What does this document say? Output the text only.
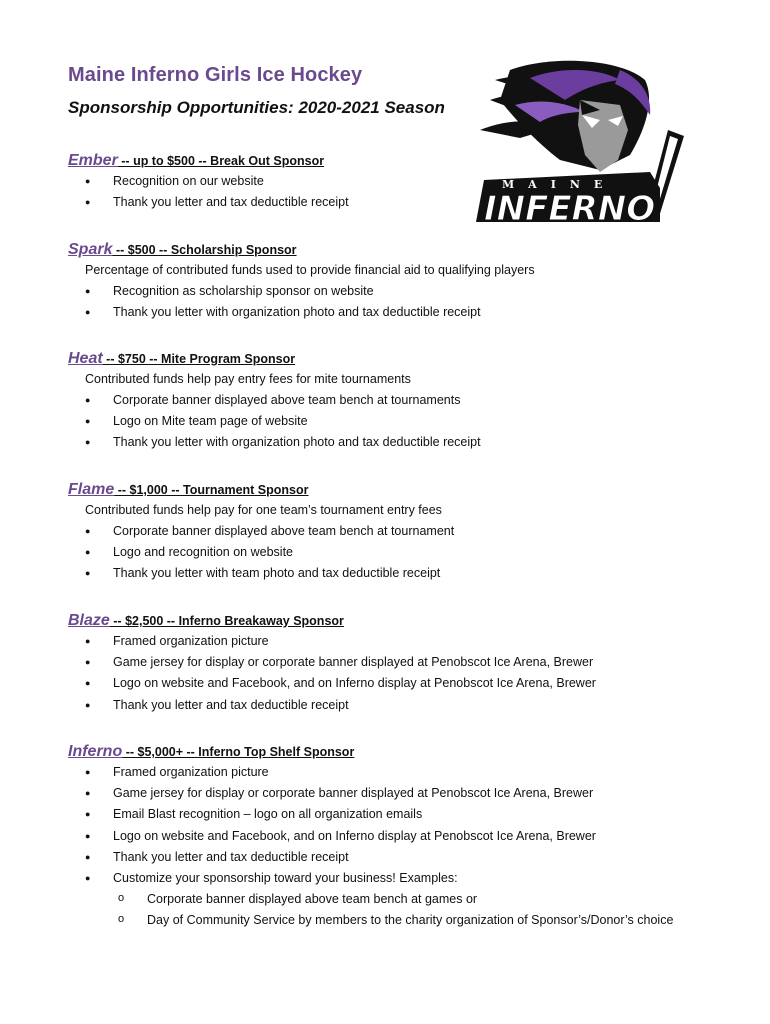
Maine Inferno Girls Ice Hockey
Sponsorship Opportunities: 2020-2021 Season
MAINE
INFERNO
Ember -- up to $500 -- Break Out Sponsor
● Recognition on our website
● Thank you letter and tax deductible receipt
Spark -- $500 -- Scholarship Sponsor
Percentage of contributed funds used to provide financial aid to qualifying players
● Recognition as scholarship sponsor on website
● Thank you letter with organization photo and tax deductible receipt
Heat -- $750 -- Mite Program Sponsor
Contributed funds help pay entry fees for mite tournaments
● Corporate banner displayed above team bench at tournaments
● Logo on Mite team page of website
● Thank you letter with organization photo and tax deductible receipt
Flame -- $1,000 -- Tournament Sponsor
Contributed funds help pay for one team’s tournament entry fees
● Corporate banner displayed above team bench at tournament
● Logo and recognition on website
● Thank you letter with team photo and tax deductible receipt
Blaze -- $2,500 -- Inferno Breakaway Sponsor
● Framed organization picture
● Game jersey for display or corporate banner displayed at Penobscot Ice Arena, Brewer
● Logo on website and Facebook, and on Inferno display at Penobscot Ice Arena, Brewer
● Thank you letter and tax deductible receipt
Inferno -- $5,000+ -- Inferno Top Shelf Sponsor
● Framed organization picture
● Game jersey for display or corporate banner displayed at Penobscot Ice Arena, Brewer
● Email Blast recognition – logo on all organization emails
● Logo on website and Facebook, and on Inferno display at Penobscot Ice Arena, Brewer
● Thank you letter and tax deductible receipt
● Customize your sponsorship toward your business! Examples:
o Corporate banner displayed above team bench at games or
o Day of Community Service by members to the charity organization of Sponsor’s/Donor’s choice
